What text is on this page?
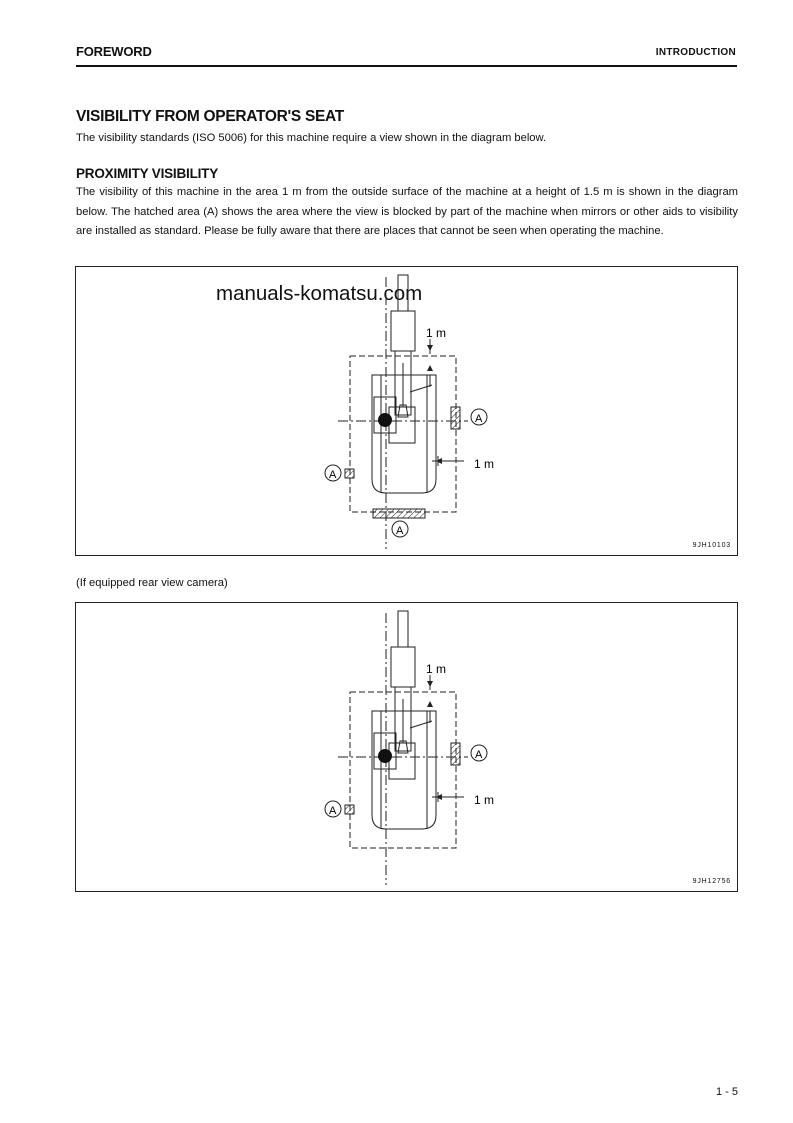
FOREWORD	INTRODUCTION
VISIBILITY FROM OPERATOR'S SEAT
The visibility standards (ISO 5006) for this machine require a view shown in the diagram below.
PROXIMITY VISIBILITY
The visibility of this machine in the area 1 m from the outside surface of the machine at a height of 1.5 m is shown in the diagram below. The hatched area (A) shows the area where the view is blocked by part of the machine when mirrors or other aids to visibility are installed as standard. Please be fully aware that there are places that cannot be seen when operating the machine.
manuals-komatsu.com
1 m
1 m
A
A
A
9JH10103
(If equipped rear view camera)
1 m
1 m
A
A
9JH12756
1 - 5
